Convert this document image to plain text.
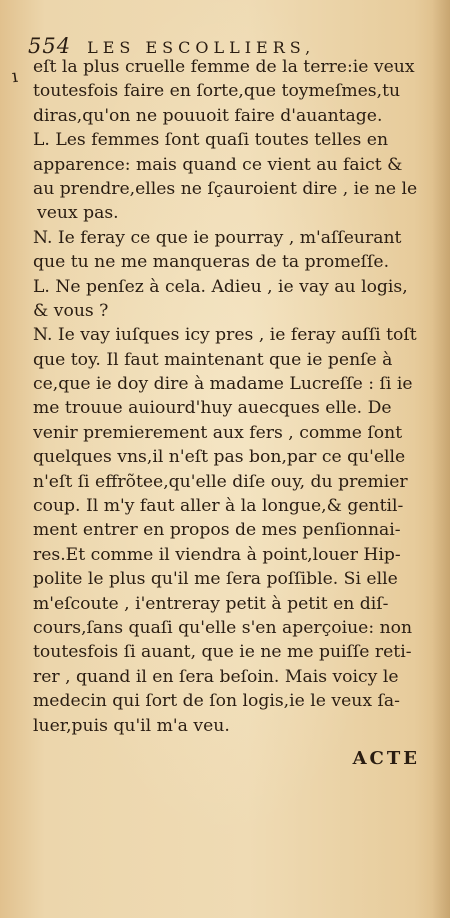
554 LES ESCOLLIERS,
ı eſt la plus cruelle femme de la terre:ie veux
toutesfois faire en ſorte,que toymeſmes,tu
diras,qu'on ne pouuoit faire d'auantage.
L. Les femmes ſont quaſi toutes telles en
apparence: mais quand ce vient au faict &
au prendre,elles ne ſçauroient dire , ie ne le
veux pas.
N. Ie feray ce que ie pourray , m'aſſeurant
que tu ne me manqueras de ta promeſſe.
L. Ne penſez à cela. Adieu , ie vay au logis,
& vous ?
N. Ie vay iuſques icy pres , ie feray auſſi toſt
que toy. Il faut maintenant que ie penſe à
ce,que ie doy dire à madame Lucreſſe : ſi ie
me trouue auiourd'huy auecques elle. De
venir premierement aux fers , comme ſont
quelques vns,il n'eſt pas bon,par ce qu'elle
n'eſt ſi effrõtee,qu'elle diſe ouy, du premier
coup. Il m'y faut aller à la longue,& gentil-
ment entrer en propos de mes penſionnai-
res.Et comme il viendra à point,louer Hip-
polite le plus qu'il me ſera poſſible. Si elle
m'eſcoute , i'entreray petit à petit en diſ-
cours,ſans quaſi qu'elle s'en aperçoiue: non
toutesfois ſi auant, que ie ne me puiſſe reti-
rer , quand il en ſera beſoin. Mais voicy le
medecin qui ſort de ſon logis,ie le veux ſa-
luer,puis qu'il m'a veu.
ACTE
